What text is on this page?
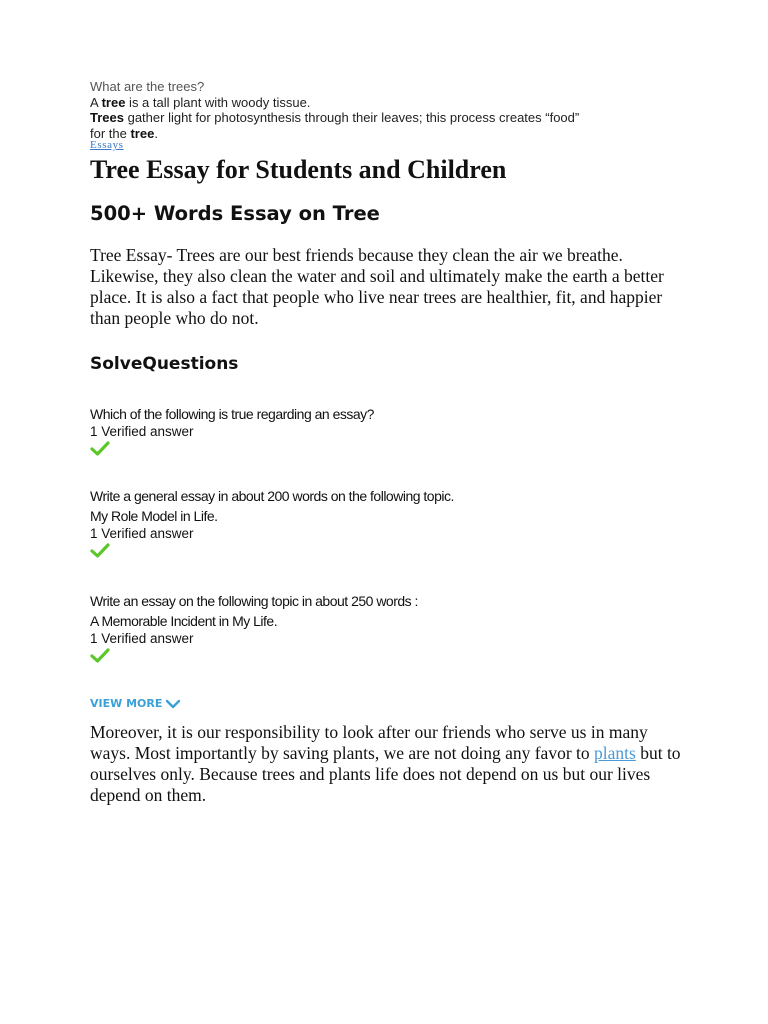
What are the trees?
A tree is a tall plant with woody tissue.
Trees gather light for photosynthesis through their leaves; this process creates “food”
for the tree.
Essays
Tree Essay for Students and Children
500+ Words Essay on Tree

Tree Essay- Trees are our best friends because they clean the air we breathe. Likewise, they also clean the water and soil and ultimately make the earth a better place. It is also a fact that people who live near trees are healthier, fit, and happier than people who do not.

SolveQuestions
Which of the following is true regarding an essay?
1 Verified answer
Write a general essay in about 200 words on the following topic.
My Role Model in Life.
1 Verified answer
Write an essay on the following topic in about 250 words :
A Memorable Incident in My Life.
1 Verified answer
VIEW MORE

Moreover, it is our responsibility to look after our friends who serve us in many ways. Most importantly by saving plants, we are not doing any favor to plants but to ourselves only. Because trees and plants life does not depend on us but our lives depend on them.
